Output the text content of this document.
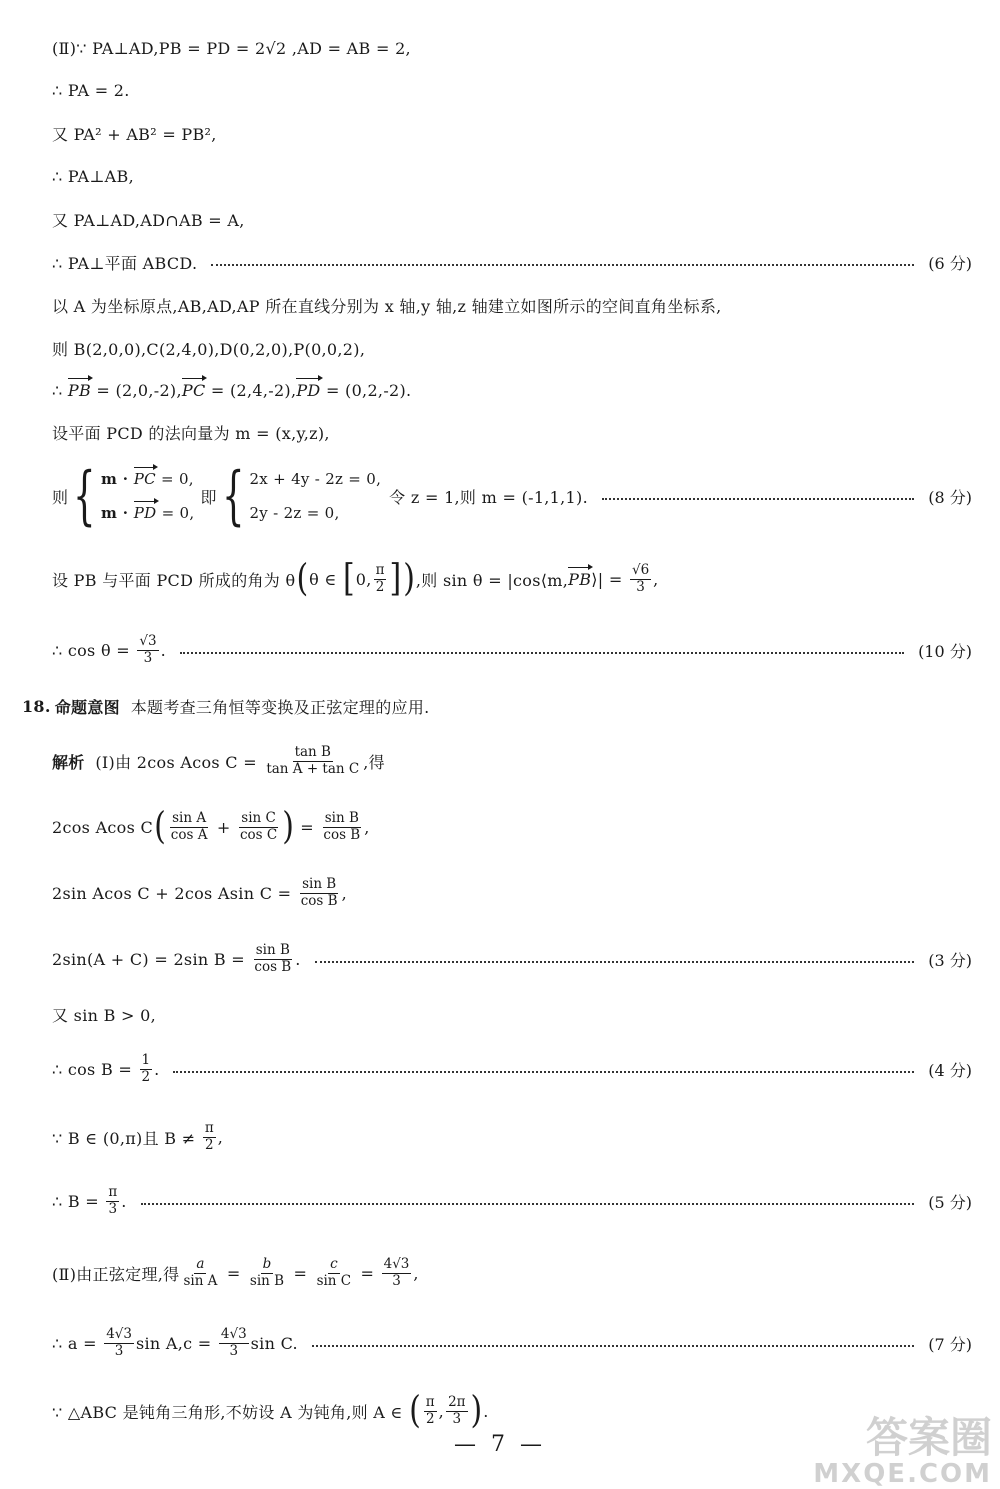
(Ⅱ)∵ PA⊥AD,PB = PD = 2√2 ,AD = AB = 2,
∴ PA = 2.
又 PA² + AB² = PB²,
∴ PA⊥AB,
又 PA⊥AD,AD∩AB = A,
∴ PA⊥平面 ABCD.	(6 分)
以 A 为坐标原点,AB,AD,AP 所在直线分别为 x 轴,y 轴,z 轴建立如图所示的空间直角坐标系,
则 B(2,0,0),C(2,4,0),D(0,2,0),P(0,0,2),
∴ PB = (2,0,-2), PC = (2,4,-2), PD = (0,2,-2).
设平面 PCD 的法向量为 m = (x,y,z),
则 { m · PC = 0,
m · PD = 0,
即 { 2x + 4y - 2z = 0,
2y - 2z = 0,
令 z = 1,则 m = (-1,1,1).	(8 分)
设 PB 与平面 PCD 所成的角为 θ ( θ ∈ [ 0, $\frac{\pi}{2}$ ] ) ,则 sin θ = |cos⟨m, PB ⟩| = $\frac{√6}{3}$ ,
∴ $\cos \theta = \frac{√3}{3}$ .	(10 分)
18. 命题意图 本题考查三角恒等变换及正弦定理的应用.
解析 (Ⅰ)由 2cos Acos $C = \frac{\text{tan B}}{\text{tan A + tan C}}$ ,得
2cos Acos C ( $\frac{\text{sin A}}{\text{cos A}} + \frac{\text{sin C}}{\text{cos C}}$ ) = $\frac{\text{sin B}}{\text{cos B}}$ ,
2sin Acos C + 2cos Asin $C = \frac{\text{sin B}}{\text{cos B}}$ ,
2sin(A + C) = 2sin $B = \frac{\text{sin B}}{\text{cos B}}$ .	(3 分)
又 sin B > 0,
∴ $\cos B = \frac{1}{2}$ .	(4 分)
∵ B ∈ (0,π)且 $B \ne \frac{\pi}{2}$ ,
∴ $B = \frac{\pi}{3}$ .	(5 分)
(Ⅱ)由正弦定理,得 $\frac{a}{\text{sin A}} = \frac{b}{\text{sin B}} = \frac{c}{\text{sin C}} = \frac{4√3}{3}$ ,
∴ $a = \frac{4√3}{3}$ $\sin A,c = \frac{4√3}{3}$ sin C.	(7 分)
∵ △ABC 是钝角三角形,不妨设 A 为钝角,则 A ∈ ( $\frac{\pi}{2}$ , $\frac{2\pi}{3}$ ) .
— 7 —	答案圈
MXQE.COM
